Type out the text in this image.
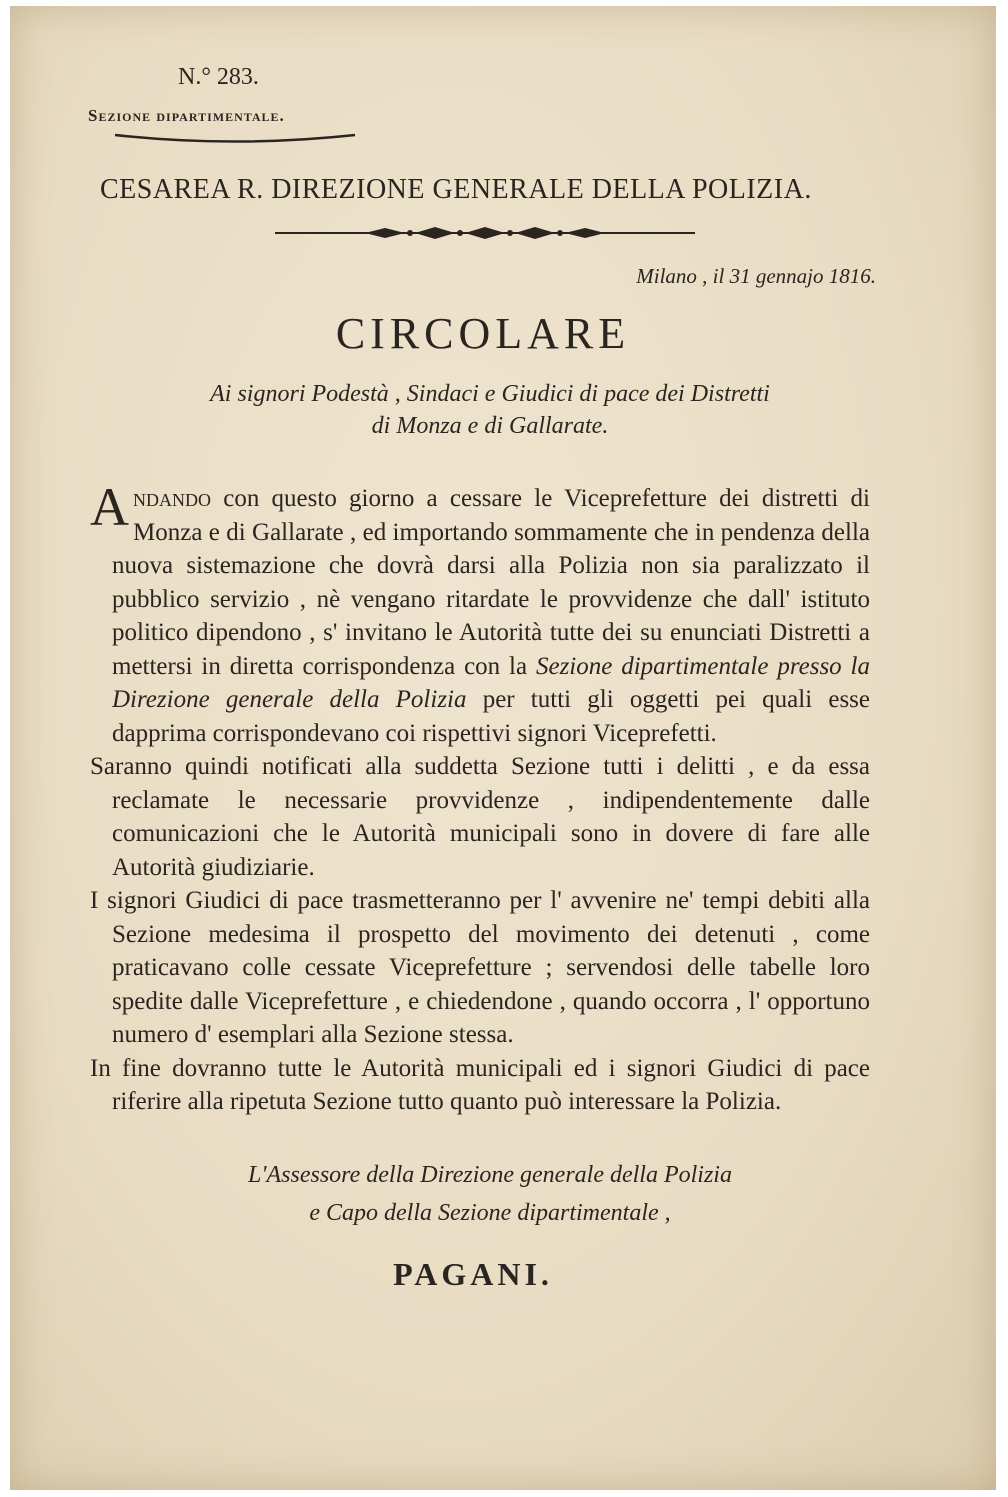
N.° 283.

Sezione dipartimentale.

CESAREA R. DIREZIONE GENERALE DELLA POLIZIA.

Milano , il 31 gennajo 1816.

CIRCOLARE

Ai signori Podestà , Sindaci e Giudici di pace dei Distretti
di Monza e di Gallarate.

Andando con questo giorno a cessare le Viceprefetture dei distretti di Monza e di Gallarate , ed importando sommamente che in pendenza della nuova sistemazione che dovrà darsi alla Polizia non sia paralizzato il pubblico servizio , nè vengano ritardate le provvidenze che dall' istituto politico dipendono , s' invitano le Autorità tutte dei su enunciati Distretti a mettersi in diretta corrispondenza con la Sezione dipartimentale presso la Direzione generale della Polizia per tutti gli oggetti pei quali esse dapprima corrispondevano coi rispettivi signori Viceprefetti.

Saranno quindi notificati alla suddetta Sezione tutti i delitti , e da essa reclamate le necessarie provvidenze , indipendentemente dalle comunicazioni che le Autorità municipali sono in dovere di fare alle Autorità giudiziarie.

I signori Giudici di pace trasmetteranno per l' avvenire ne' tempi debiti alla Sezione medesima il prospetto del movimento dei detenuti , come praticavano colle cessate Viceprefetture ; servendosi delle tabelle loro spedite dalle Viceprefetture , e chiedendone , quando occorra , l' opportuno numero d' esemplari alla Sezione stessa.

In fine dovranno tutte le Autorità municipali ed i signori Giudici di pace riferire alla ripetuta Sezione tutto quanto può interessare la Polizia.

L'Assessore della Direzione generale della Polizia
e Capo della Sezione dipartimentale ,

PAGANI.
